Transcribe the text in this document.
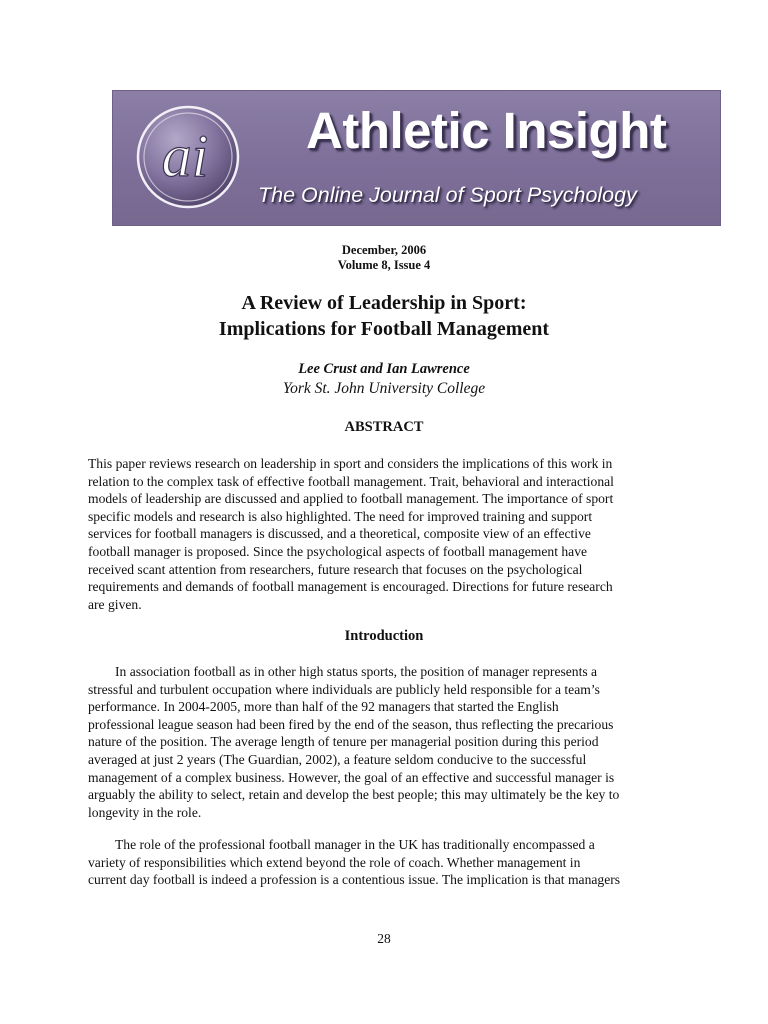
ai Athletic Insight
The Online Journal of Sport Psychology
December, 2006
Volume 8, Issue 4
A Review of Leadership in Sport:
Implications for Football Management
Lee Crust and Ian Lawrence
York St. John University College
ABSTRACT
This paper reviews research on leadership in sport and considers the implications of this work in
relation to the complex task of effective football management. Trait, behavioral and interactional
models of leadership are discussed and applied to football management. The importance of sport
specific models and research is also highlighted. The need for improved training and support
services for football managers is discussed, and a theoretical, composite view of an effective
football manager is proposed. Since the psychological aspects of football management have
received scant attention from researchers, future research that focuses on the psychological
requirements and demands of football management is encouraged. Directions for future research
are given.
Introduction
In association football as in other high status sports, the position of manager represents a
stressful and turbulent occupation where individuals are publicly held responsible for a team’s
performance. In 2004-2005, more than half of the 92 managers that started the English
professional league season had been fired by the end of the season, thus reflecting the precarious
nature of the position. The average length of tenure per managerial position during this period
averaged at just 2 years (The Guardian, 2002), a feature seldom conducive to the successful
management of a complex business. However, the goal of an effective and successful manager is
arguably the ability to select, retain and develop the best people; this may ultimately be the key to
longevity in the role.
The role of the professional football manager in the UK has traditionally encompassed a
variety of responsibilities which extend beyond the role of coach. Whether management in
current day football is indeed a profession is a contentious issue. The implication is that managers
28
